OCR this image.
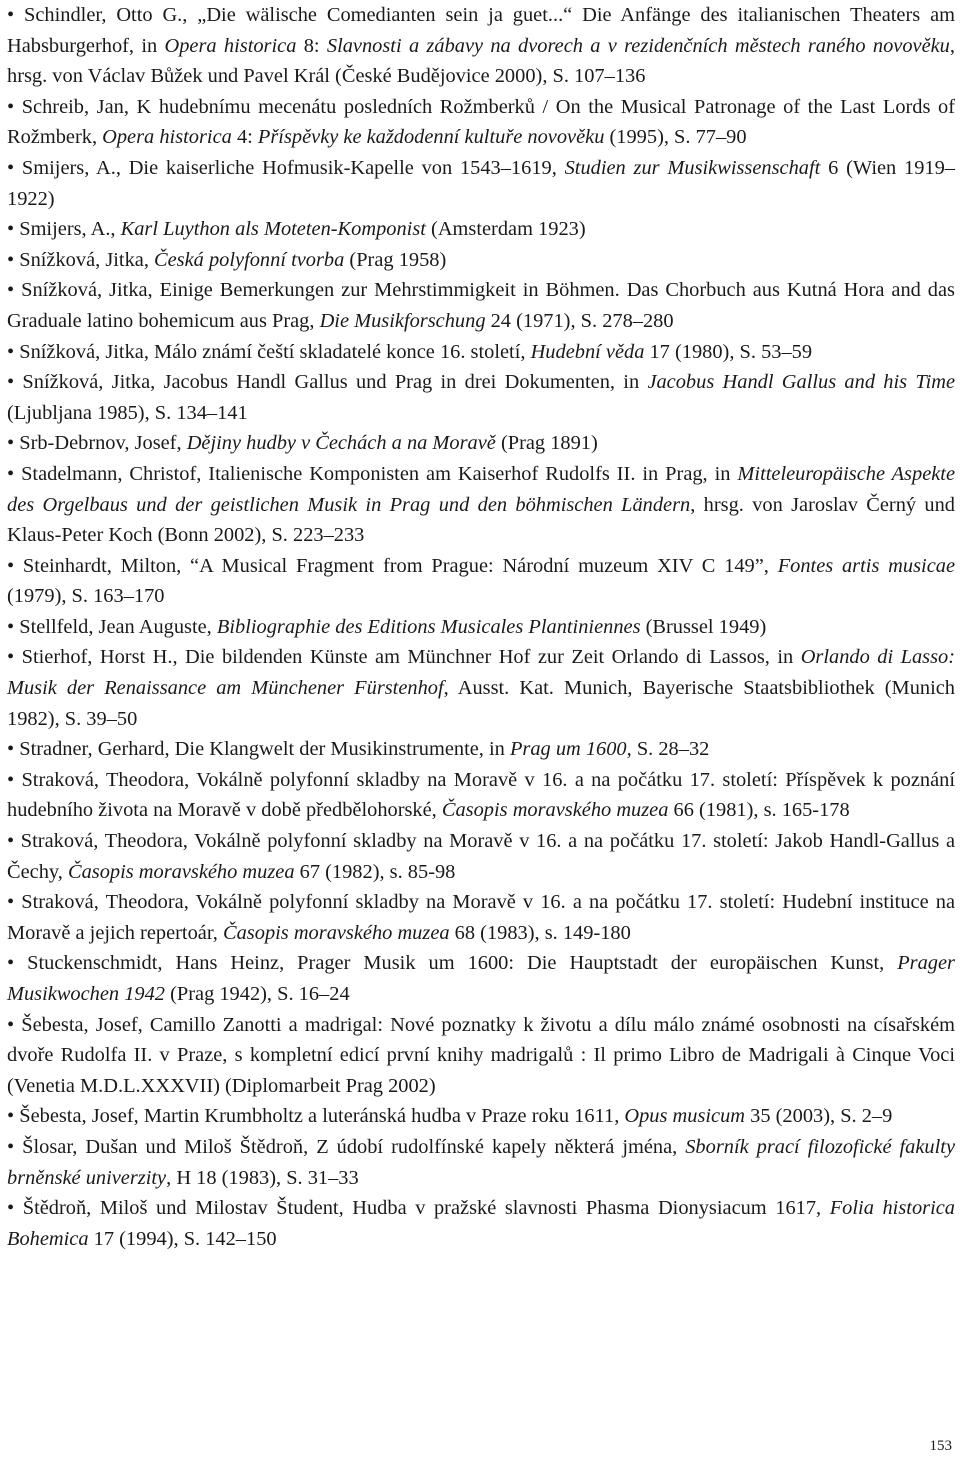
• Schindler, Otto G., „Die wälische Comedianten sein ja guet...“ Die Anfänge des italianischen Theaters am Habsburgerhof, in Opera historica 8: Slavnosti a zábavy na dvorech a v rezidenčních městech raného novověku, hrsg. von Václav Bůžek und Pavel Král (České Budějovice 2000), S. 107–136
• Schreib, Jan, K hudebnímu mecenátu posledních Rožmberků / On the Musical Patronage of the Last Lords of Rožmberk, Opera historica 4: Příspěvky ke každodenní kultuře novověku (1995), S. 77–90
• Smijers, A., Die kaiserliche Hofmusik-Kapelle von 1543–1619, Studien zur Musikwissenschaft 6 (Wien 1919–1922)
• Smijers, A., Karl Luython als Moteten-Komponist (Amsterdam 1923)
• Snížková, Jitka, Česká polyfonní tvorba (Prag 1958)
• Snížková, Jitka, Einige Bemerkungen zur Mehrstimmigkeit in Böhmen. Das Chorbuch aus Kutná Hora and das Graduale latino bohemicum aus Prag, Die Musikforschung 24 (1971), S. 278–280
• Snížková, Jitka, Málo známí čeští skladatelé konce 16. století, Hudební věda 17 (1980), S. 53–59
• Snížková, Jitka, Jacobus Handl Gallus und Prag in drei Dokumenten, in Jacobus Handl Gallus and his Time (Ljubljana 1985), S. 134–141
• Srb-Debrnov, Josef, Dějiny hudby v Čechách a na Moravě (Prag 1891)
• Stadelmann, Christof, Italienische Komponisten am Kaiserhof Rudolfs II. in Prag, in Mitteleuropäische Aspekte des Orgelbaus und der geistlichen Musik in Prag und den böhmischen Ländern, hrsg. von Jaroslav Černý und Klaus-Peter Koch (Bonn 2002), S. 223–233
• Steinhardt, Milton, “A Musical Fragment from Prague: Národní muzeum XIV C 149”, Fontes artis musicae (1979), S. 163–170
• Stellfeld, Jean Auguste, Bibliographie des Editions Musicales Plantiniennes (Brussel 1949)
• Stierhof, Horst H., Die bildenden Künste am Münchner Hof zur Zeit Orlando di Lassos, in Orlando di Lasso: Musik der Renaissance am Münchener Fürstenhof, Ausst. Kat. Munich, Bayerische Staatsbibliothek (Munich 1982), S. 39–50
• Stradner, Gerhard, Die Klangwelt der Musikinstrumente, in Prag um 1600, S. 28–32
• Straková, Theodora, Vokálně polyfonní skladby na Moravě v 16. a na počátku 17. století: Příspěvek k poznání hudebního života na Moravě v době předbělohorské, Časopis moravského muzea 66 (1981), s. 165-178
• Straková, Theodora, Vokálně polyfonní skladby na Moravě v 16. a na počátku 17. století: Jakob Handl-Gallus a Čechy, Časopis moravského muzea 67 (1982), s. 85-98
• Straková, Theodora, Vokálně polyfonní skladby na Moravě v 16. a na počátku 17. století: Hudební instituce na Moravě a jejich repertoár, Časopis moravského muzea 68 (1983), s. 149-180
• Stuckenschmidt, Hans Heinz, Prager Musik um 1600: Die Hauptstadt der europäischen Kunst, Prager Musikwochen 1942 (Prag 1942), S. 16–24
• Šebesta, Josef, Camillo Zanotti a madrigal: Nové poznatky k životu a dílu málo známé osobnosti na císařském dvoře Rudolfa II. v Praze, s kompletní edicí první knihy madrigalů : Il primo Libro de Madrigali à Cinque Voci (Venetia M.D.L.XXXVII) (Diplomarbeit Prag 2002)
• Šebesta, Josef, Martin Krumbholtz a luteránská hudba v Praze roku 1611, Opus musicum 35 (2003), S. 2–9
• Šlosar, Dušan und Miloš Štědroň, Z údobí rudolfínské kapely některá jména, Sborník prací filozofické fakulty brněnské univerzity, H 18 (1983), S. 31–33
• Štědroň, Miloš und Milostav Študent, Hudba v pražské slavnosti Phasma Dionysiacum 1617, Folia historica Bohemica 17 (1994), S. 142–150
153
